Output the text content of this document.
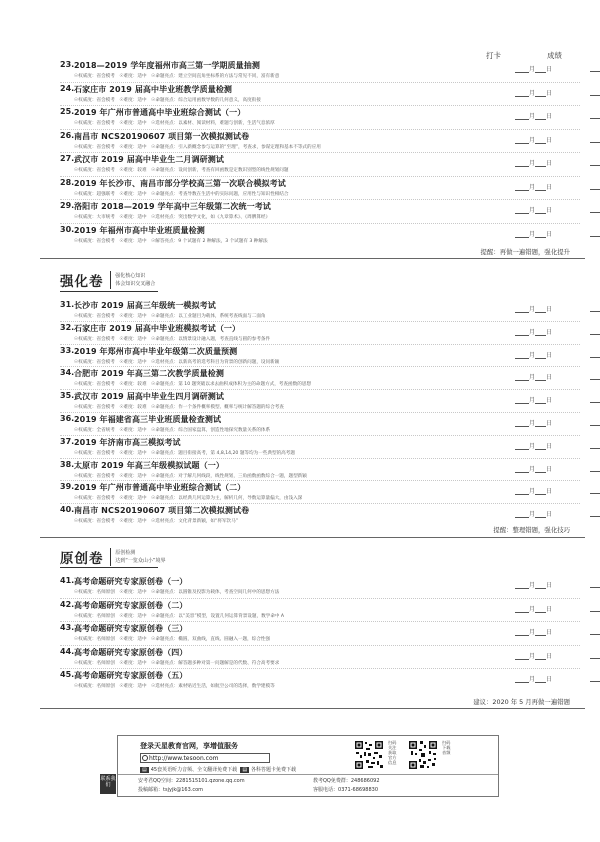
打卡	成绩
23. 2018—2019 学年度福州市高三第一学期质量抽测
☉权威度：省会模考　☉难度：适中　☉命题亮点：建立空间直角坐标系的方法与常见不同，富有新意
月 日
24. 石家庄市 2019 届高中毕业班教学质量检测
☉权威度：省会模考　☉难度：适中　☉命题亮点：综合运用函数导数的几何意义，高度衔接
月 日
25. 2019 年广州市普通高中毕业班综合测试（一）
☉权威度：省会模考　☉难度：适中　☉选材亮点：以素材、阅读材料，难题与创新，生活气息浓厚
月 日
26. 南昌市 NCS20190607 项目第一次模拟测试卷
☉权威度：省会模考　☉难度：适中　☉命题亮点：引入新概念参与运算的“至理”，考查求，参谋定理和基本不等式的应用
月 日
27. 武汉市 2019 届高中毕业生二月调研测试
☉权威度：省会模考　☉难度：较难　☉命题亮点：设问创新，考查有回函数是定数识别型的线性规划问题
月 日
28. 2019 年长沙市、南昌市部分学校高三第一次联合模拟考试
☉权威度：超强联考　☉难度：适中　☉命题亮点：考查导数在生活中的实际问题，应用性与知识性相结合
月 日
29. 洛阳市 2018—2019 学年高中三年级第二次统一考试
☉权威度：大市统考　☉难度：适中　☉选材亮点：突出数学文化，如《九章算术》、《周髀算经》
月 日
30. 2019 年福州市高中毕业班质量检测
☉权威度：省会模考　☉难度：适中　☉解答亮点：9 个试题有 2 种解法，3 个试题有 3 种解法
月 日
提醒：再做一遍错题，强化提升
强化卷 强化核心知识
体会知识交叉融合
31. 长沙市 2019 届高三年级统一模拟考试
☉权威度：省会模考　☉难度：适中　☉命题亮点：以工业题目为载体，系统考查线面与二面角
月 日
32. 石家庄市 2019 届高中毕业班模拟考试（一）
☉权威度：省会模考　☉难度：适中　☉命题亮点：以情景设计融入题，考查直线与圆的参考条件
月 日
33. 2019 年郑州市高中毕业年级第二次质量预测
☉权威度：省会模考　☉难度：适中　☉选材亮点：以新高考的选考科目为背景的创新问题，设问新颖
月 日
34. 合肥市 2019 年高三第二次教学质量检测
☉权威度：省会模考　☉难度：较难　☉命题亮点：第 10 题突破以求去曲积成体积为主的命题方式，考查函数的思想
月 日
35. 武汉市 2019 届高中毕业生四月调研测试
☉权威度：省会模考　☉难度：较难　☉命题亮点：作一个条件概率模型、概率与统计解答题的综合考查
月 日
36. 2019 年福建省高三毕业班质量检查测试
☉权威度：全省统考　☉难度：适中　☉命题亮点：综合国家盘算，创造性地探究数量关系的体系
月 日
37. 2019 年济南市高三模拟考试
☉权威度：省会模考　☉难度：适中　☉命题亮点：题目衔接高考，第 4,8,14,20 题等均为一些典型的高考题
月 日
38. 太原市 2019 年高三年级模拟试题（一）
☉权威度：省会模考　☉难度：适中　☉命题亮点：对于解几何线段，线性规划，三角函数函数综合一题，题型新颖
月 日
39. 2019 年广州市普通高中毕业班综合测试（二）
☉权威度：省会模考　☉难度：适中　☉命题亮点：以经典几何运算为主，解析几何，导数运算量偏大，由浅入深
月 日
40. 南昌市 NCS20190607 项目第二次模拟测试卷
☉权威度：省会模考　☉难度：适中　☉选材亮点：文化背景新颖，如“将军饮马”
月 日
提醒：整理错题，强化技巧
原创卷 原创检测
达到“一览众山小”境界
41. 高考命题研究专家原创卷（一）
☉权威度：名师原创　☉难度：适中　☉命题亮点：以圆锥及投影为载体，考查空间几何中的思想方法
月 日
42. 高考命题研究专家原创卷（二）
☉权威度：名师原创　☉难度：适中　☉命题亮点：以“美容”模型，设置几何运算背景设题，数学命中 A
月 日
43. 高考命题研究专家原创卷（三）
☉权威度：名师原创　☉难度：适中　☉命题亮点：椭圆，双曲线，直线、圆融入一题，综合性强
月 日
44. 高考命题研究专家原创卷（四）
☉权威度：名师原创　☉难度：适中　☉命题亮点：解答题多种对第一问题解是的代数、符合高考要求
月 日
45. 高考命题研究专家原创卷（五）
☉权威度：名师原创　☉难度：适中　☉选材亮点：素材贴近生活，如航空公司的选择，数学建模等
月 日
建议：2020 年 5 月再做一遍错题
联系我们
登录天星教育官网，享增值服务
http://www.tesoon.com
▤ 45套英语听力音频、全文翻译免费下载 ▤ 各科答题卡免费下载
安考君QQ空间：2281515101.qzone.qq.com	教考QQ免费群：248686092
投稿邮箱：tsjyjk@163.com	客服电话：0371-68698830
扫码关注获取官方信息
扫码下载音频
